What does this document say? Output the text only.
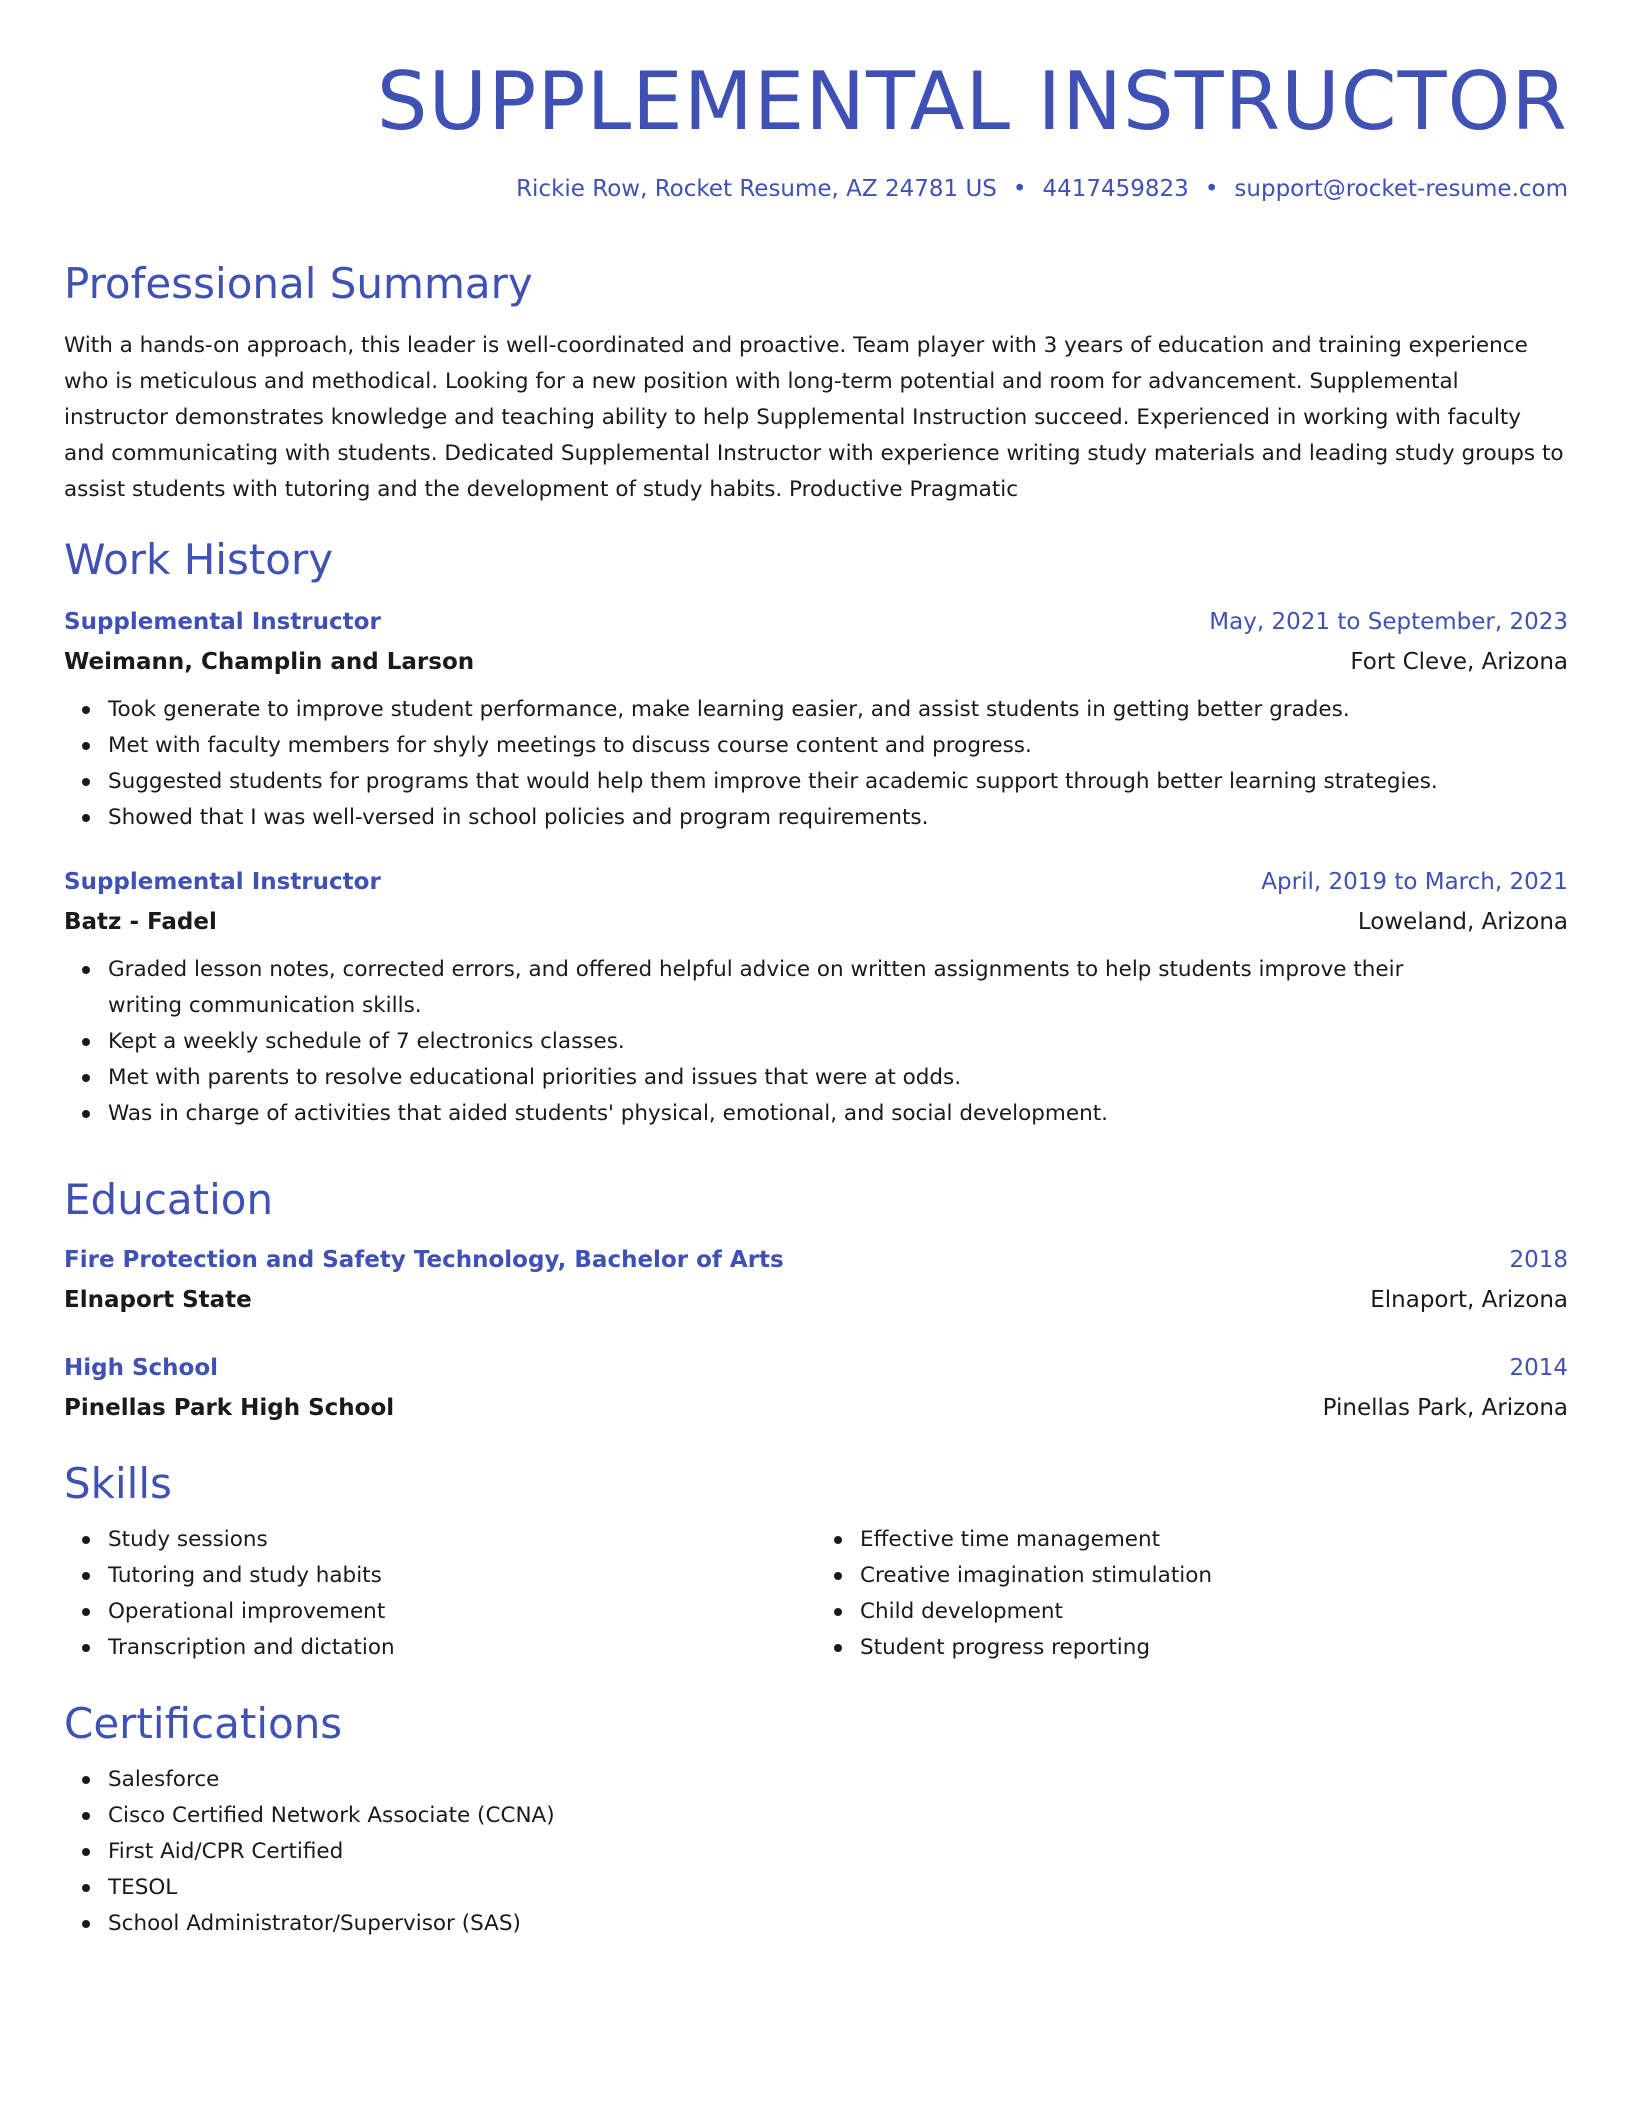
SUPPLEMENTAL INSTRUCTOR
Rickie Row, Rocket Resume, AZ 24781 US • 4417459823 • support@rocket-resume.com
Professional Summary

With a hands-on approach, this leader is well-coordinated and proactive. Team player with 3 years of education and training experience who is meticulous and methodical. Looking for a new position with long-term potential and room for advancement. Supplemental instructor demonstrates knowledge and teaching ability to help Supplemental Instruction succeed. Experienced in working with faculty and communicating with students. Dedicated Supplemental Instructor with experience writing study materials and leading study groups to assist students with tutoring and the development of study habits. Productive Pragmatic

Work History
Supplemental Instructor	May, 2021 to September, 2023
Weimann, Champlin and Larson	Fort Cleve, Arizona
Took generate to improve student performance, make learning easier, and assist students in getting better grades.
Met with faculty members for shyly meetings to discuss course content and progress.
Suggested students for programs that would help them improve their academic support through better learning strategies.
Showed that I was well-versed in school policies and program requirements.
Supplemental Instructor	April, 2019 to March, 2021
Batz - Fadel	Loweland, Arizona
Graded lesson notes, corrected errors, and offered helpful advice on written assignments to help students improve their writing communication skills.
Kept a weekly schedule of 7 electronics classes.
Met with parents to resolve educational priorities and issues that were at odds.
Was in charge of activities that aided students' physical, emotional, and social development.
Education
Fire Protection and Safety Technology, Bachelor of Arts	2018
Elnaport State	Elnaport, Arizona
High School	2014
Pinellas Park High School	Pinellas Park, Arizona
Skills
Study sessions
Tutoring and study habits
Operational improvement
Transcription and dictation
Effective time management
Creative imagination stimulation
Child development
Student progress reporting
Certifications
Salesforce
Cisco Certified Network Associate (CCNA)
First Aid/CPR Certified
TESOL
School Administrator/Supervisor (SAS)
